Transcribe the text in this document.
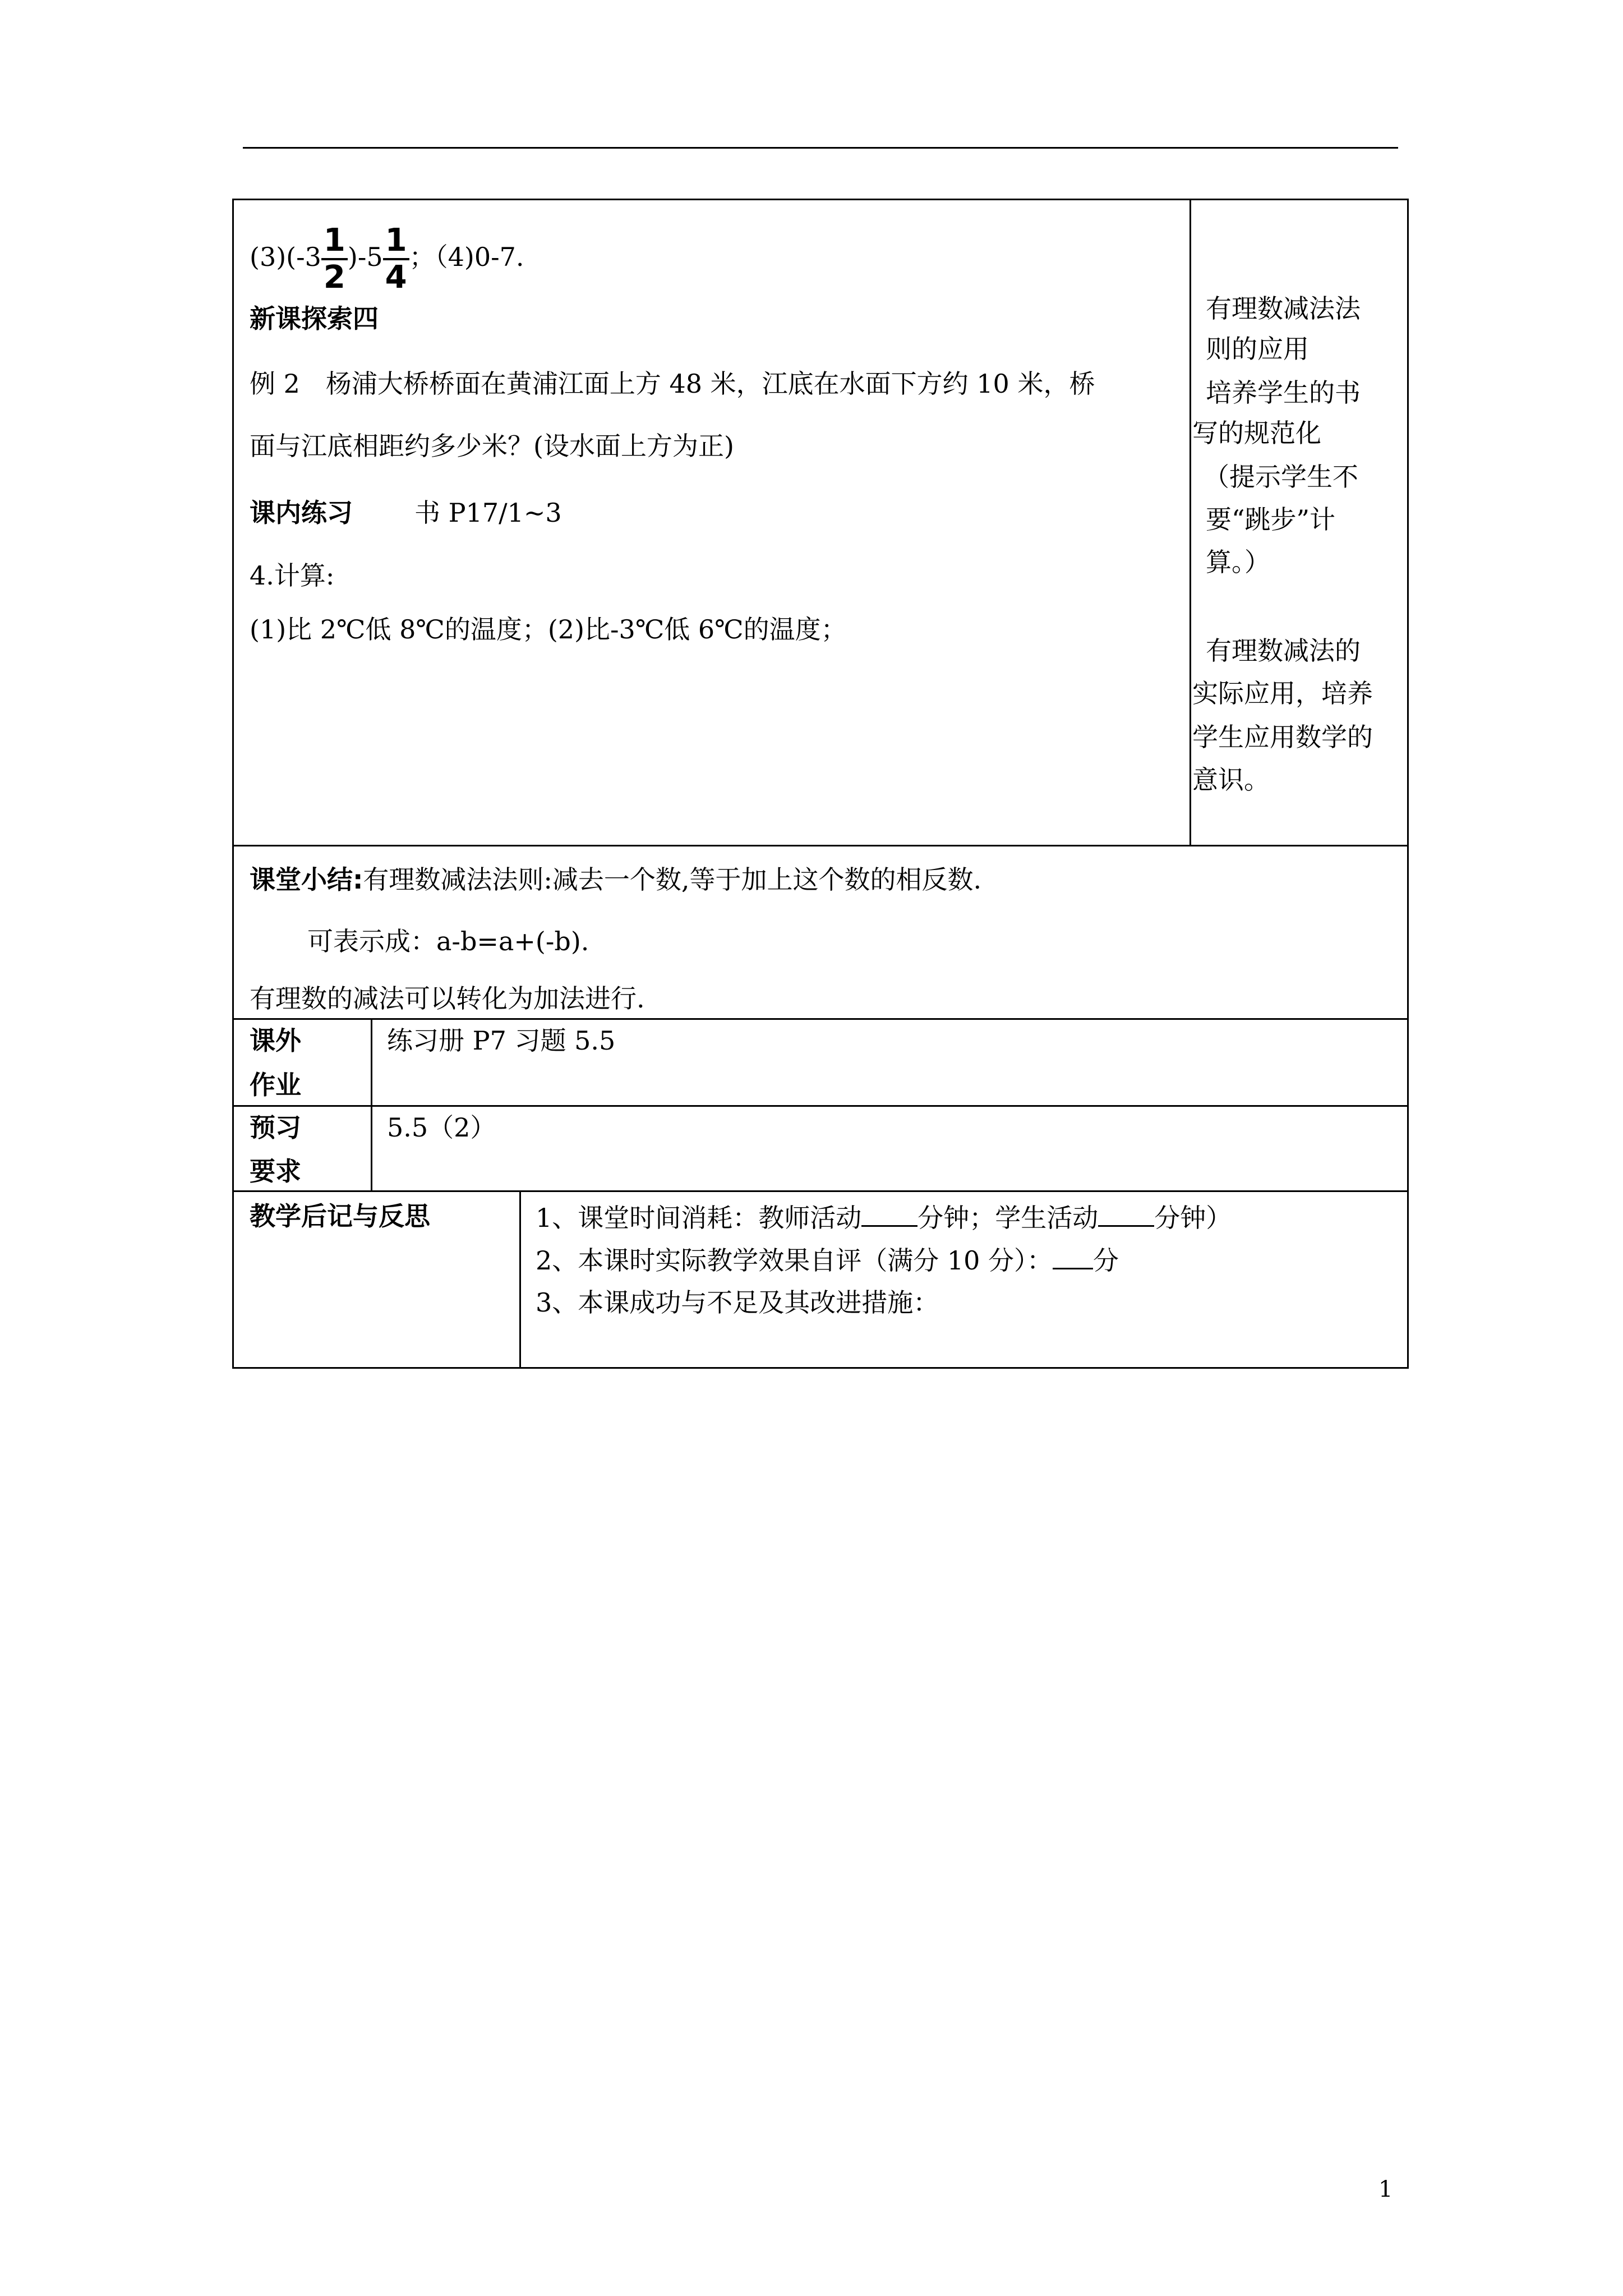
$(3)(-3 \frac{1}{2} )-5 \frac{1}{4}$ ；（4)0-7.
新课探索四
例 2　杨浦大桥桥面在黄浦江面上方 48 米，江底在水面下方约 10 米，桥
面与江底相距约多少米？(设水面上方为正)
课内练习 书 P17/1~3
4.计算:
(1)比 2℃低 8℃的温度；(2)比-3℃低 6℃的温度；
有理数减法法
则的应用
培养学生的书
写的规范化
（提示学生不
要“跳步”计
算。）
有理数减法的
实际应用，培养
学生应用数学的
意识。
课堂小结:有理数减法法则:减去一个数,等于加上这个数的相反数.
可表示成：a-b=a+(-b).
有理数的减法可以转化为加法进行.
课外
作业
练习册 P7 习题 5.5
预习
要求
5.5（2）
教学后记与反思	1、课堂时间消耗：教师活动 分钟；学生活动 分钟）
2、本课时实际教学效果自评（满分 10 分）： 分
3、本课成功与不足及其改进措施：
1
